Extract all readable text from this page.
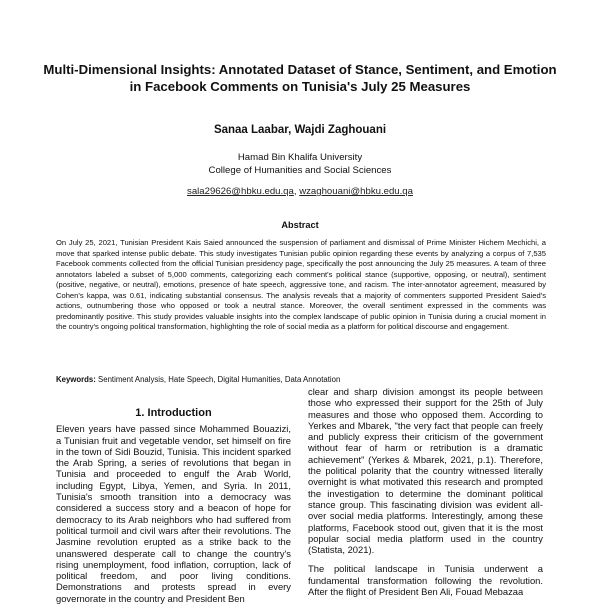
Multi-Dimensional Insights: Annotated Dataset of Stance, Sentiment, and Emotion in Facebook Comments on Tunisia's July 25 Measures
Sanaa Laabar, Wajdi Zaghouani
Hamad Bin Khalifa University
College of Humanities and Social Sciences
sala29626@hbku.edu.qa, wzaghouani@hbku.edu.qa
Abstract

On July 25, 2021, Tunisian President Kais Saied announced the suspension of parliament and dismissal of Prime Minister Hichem Mechichi, a move that sparked intense public debate. This study investigates Tunisian public opinion regarding these events by analyzing a corpus of 7,535 Facebook comments collected from the official Tunisian presidency page, specifically the post announcing the July 25 measures. A team of three annotators labeled a subset of 5,000 comments, categorizing each comment's political stance (supportive, opposing, or neutral), sentiment (positive, negative, or neutral), emotions, presence of hate speech, aggressive tone, and racism. The inter-annotator agreement, measured by Cohen's kappa, was 0.61, indicating substantial consensus. The analysis reveals that a majority of commenters supported President Saied's actions, outnumbering those who opposed or took a neutral stance. Moreover, the overall sentiment expressed in the comments was predominantly positive. This study provides valuable insights into the complex landscape of public opinion in Tunisia during a crucial moment in the country's ongoing political transformation, highlighting the role of social media as a platform for political discourse and engagement.

Keywords: Sentiment Analysis, Hate Speech, Digital Humanities, Data Annotation

1. Introduction

Eleven years have passed since Mohammed Bouazizi, a Tunisian fruit and vegetable vendor, set himself on fire in the town of Sidi Bouzid, Tunisia. This incident sparked the Arab Spring, a series of revolutions that began in Tunisia and proceeded to engulf the Arab World, including Egypt, Libya, Yemen, and Syria. In 2011, Tunisia's smooth transition into a democracy was considered a success story and a beacon of hope for democracy to its Arab neighbors who had suffered from political turmoil and civil wars after their revolutions. The Jasmine revolution erupted as a strike back to the unanswered desperate call to change the country's rising unemployment, food inflation, corruption, lack of political freedom, and poor living conditions. Demonstrations and protests spread in every governorate in the country and President Ben

clear and sharp division amongst its people between those who expressed their support for the 25th of July measures and those who opposed them. According to Yerkes and Mbarek, "the very fact that people can freely and publicly express their criticism of the government without fear of harm or retribution is a dramatic achievement" (Yerkes & Mbarek, 2021, p.1). Therefore, the political polarity that the country witnessed literally overnight is what motivated this research and prompted the investigation to determine the dominant political stance group. This fascinating division was evident all-over social media platforms. Interestingly, among these platforms, Facebook stood out, given that it is the most popular social media platform used in the country (Statista, 2021).

The political landscape in Tunisia underwent a fundamental transformation following the revolution. After the flight of President Ben Ali, Fouad Mebazaa
